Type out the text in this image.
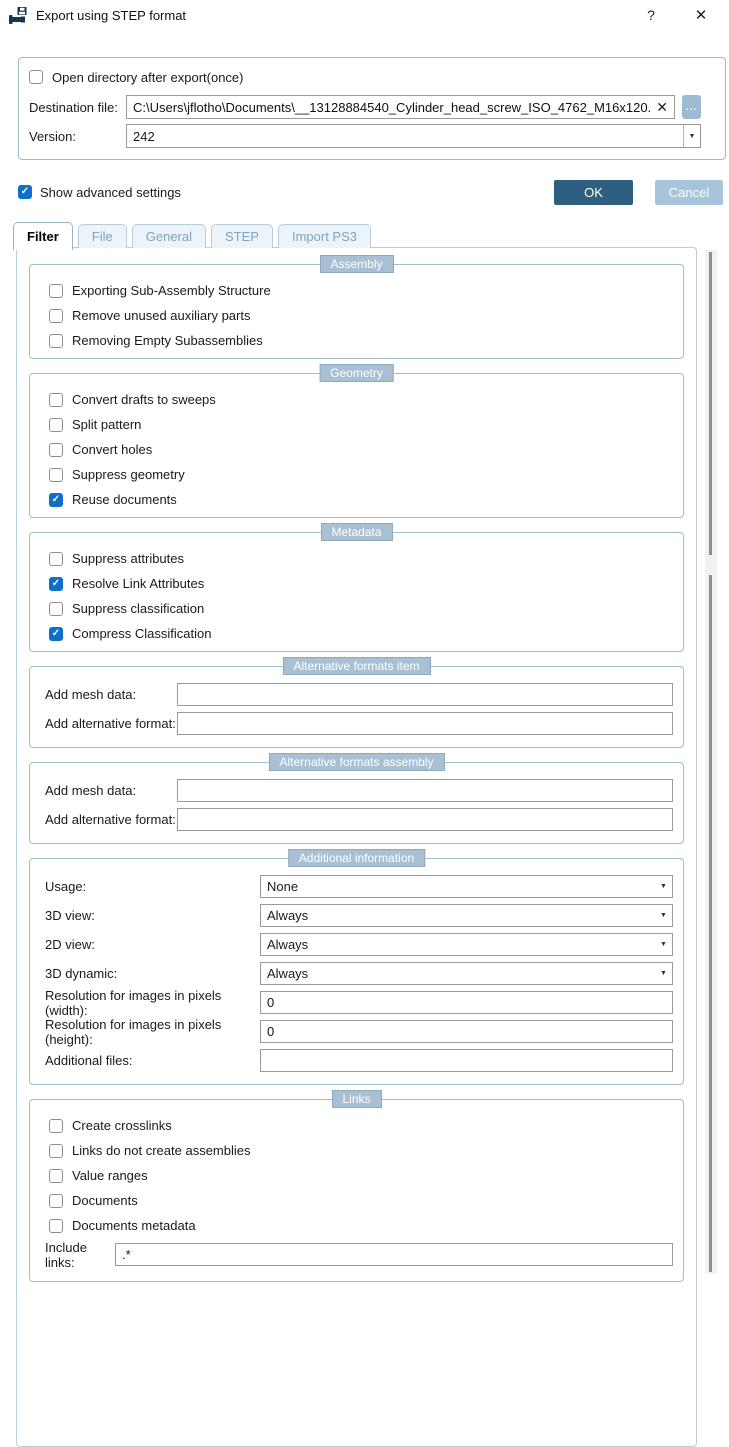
Export using STEP format	?	✕
Open directory after export(once)
Destination file:
C:\Users\jflotho\Documents\__13128884540_Cylinder_head_screw_ISO_4762_M16x120.stp	✕	...
Version:	242	▼
✓
Show advanced settings	OK	Cancel
Filter	File	General	STEP	Import PS3
Assembly
Exporting Sub-Assembly Structure
Remove unused auxiliary parts
Removing Empty Subassemblies
Geometry
Convert drafts to sweeps
Split pattern
Convert holes
Suppress geometry
✓
Reuse documents
Metadata
Suppress attributes
✓
Resolve Link Attributes
Suppress classification
✓
Compress Classification
Alternative formats item
Add mesh data:
Add alternative format:
Alternative formats assembly
Add mesh data:
Add alternative format:
Additional information
Usage:	None	▼
3D view:	Always	▼
2D view:	Always	▼
3D dynamic:	Always	▼
Resolution for images in pixels (width):
0
Resolution for images in pixels (height):
0
Additional files:
Links
Create crosslinks
Links do not create assemblies
Value ranges
Documents
Documents metadata
Include links:
.*
